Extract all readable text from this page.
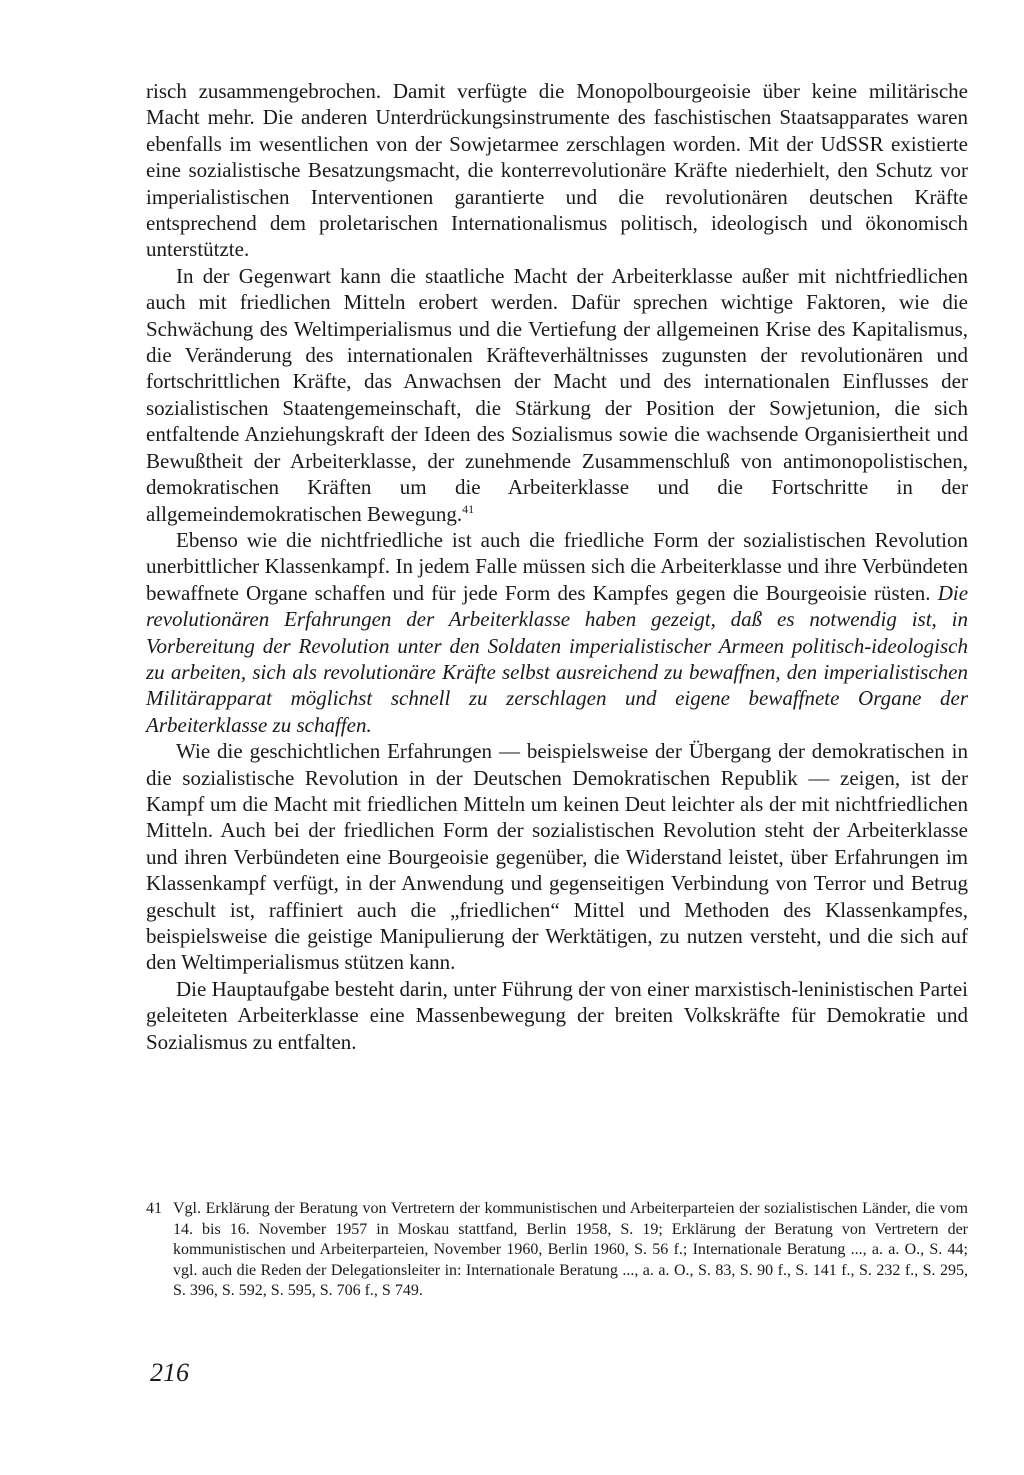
risch zusammengebrochen. Damit verfügte die Monopolbourgeoisie über keine militärische Macht mehr. Die anderen Unterdrückungsinstrumente des faschistischen Staatsapparates waren ebenfalls im wesentlichen von der Sowjetarmee zerschlagen worden. Mit der UdSSR existierte eine sozialistische Besatzungsmacht, die konterrevolutionäre Kräfte niederhielt, den Schutz vor imperialistischen Interventionen garantierte und die revolutionären deutschen Kräfte entsprechend dem proletarischen Internationalismus politisch, ideologisch und ökonomisch unterstützte.

In der Gegenwart kann die staatliche Macht der Arbeiterklasse außer mit nichtfriedlichen auch mit friedlichen Mitteln erobert werden. Dafür sprechen wichtige Faktoren, wie die Schwächung des Weltimperialismus und die Vertiefung der allgemeinen Krise des Kapitalismus, die Veränderung des internationalen Kräfteverhältnisses zugunsten der revolutionären und fortschrittlichen Kräfte, das Anwachsen der Macht und des internationalen Einflusses der sozialistischen Staatengemeinschaft, die Stärkung der Position der Sowjetunion, die sich entfaltende Anziehungskraft der Ideen des Sozialismus sowie die wachsende Organisiertheit und Bewußtheit der Arbeiterklasse, der zunehmende Zusammenschluß von antimonopolistischen, demokratischen Kräften um die Arbeiterklasse und die Fortschritte in der allgemeindemokratischen Bewegung.$^{41}$

Ebenso wie die nichtfriedliche ist auch die friedliche Form der sozialistischen Revolution unerbittlicher Klassenkampf. In jedem Falle müssen sich die Arbeiterklasse und ihre Verbündeten bewaffnete Organe schaffen und für jede Form des Kampfes gegen die Bourgeoisie rüsten. Die revolutionären Erfahrungen der Arbeiterklasse haben gezeigt, daß es notwendig ist, in Vorbereitung der Revolution unter den Soldaten imperialistischer Armeen politisch-ideologisch zu arbeiten, sich als revolutionäre Kräfte selbst ausreichend zu bewaffnen, den imperialistischen Militärapparat möglichst schnell zu zerschlagen und eigene bewaffnete Organe der Arbeiterklasse zu schaffen.

Wie die geschichtlichen Erfahrungen — beispielsweise der Übergang der demokratischen in die sozialistische Revolution in der Deutschen Demokratischen Republik — zeigen, ist der Kampf um die Macht mit friedlichen Mitteln um keinen Deut leichter als der mit nichtfriedlichen Mitteln. Auch bei der friedlichen Form der sozialistischen Revolution steht der Arbeiterklasse und ihren Verbündeten eine Bourgeoisie gegenüber, die Widerstand leistet, über Erfahrungen im Klassenkampf verfügt, in der Anwendung und gegenseitigen Verbindung von Terror und Betrug geschult ist, raffiniert auch die „friedlichen“ Mittel und Methoden des Klassenkampfes, beispielsweise die geistige Manipulierung der Werktätigen, zu nutzen versteht, und die sich auf den Weltimperialismus stützen kann.

Die Hauptaufgabe besteht darin, unter Führung der von einer marxistisch-leninistischen Partei geleiteten Arbeiterklasse eine Massenbewegung der breiten Volkskräfte für Demokratie und Sozialismus zu entfalten.

41 Vgl. Erklärung der Beratung von Vertretern der kommunistischen und Arbeiterparteien der sozialistischen Länder, die vom 14. bis 16. November 1957 in Moskau stattfand, Berlin 1958, S. 19; Erklärung der Beratung von Vertretern der kommunistischen und Arbeiterparteien, November 1960, Berlin 1960, S. 56 f.; Internationale Beratung ..., a. a. O., S. 44; vgl. auch die Reden der Delegationsleiter in: Internationale Beratung ..., a. a. O., S. 83, S. 90 f., S. 141 f., S. 232 f., S. 295, S. 396, S. 592, S. 595, S. 706 f., S 749.
216
